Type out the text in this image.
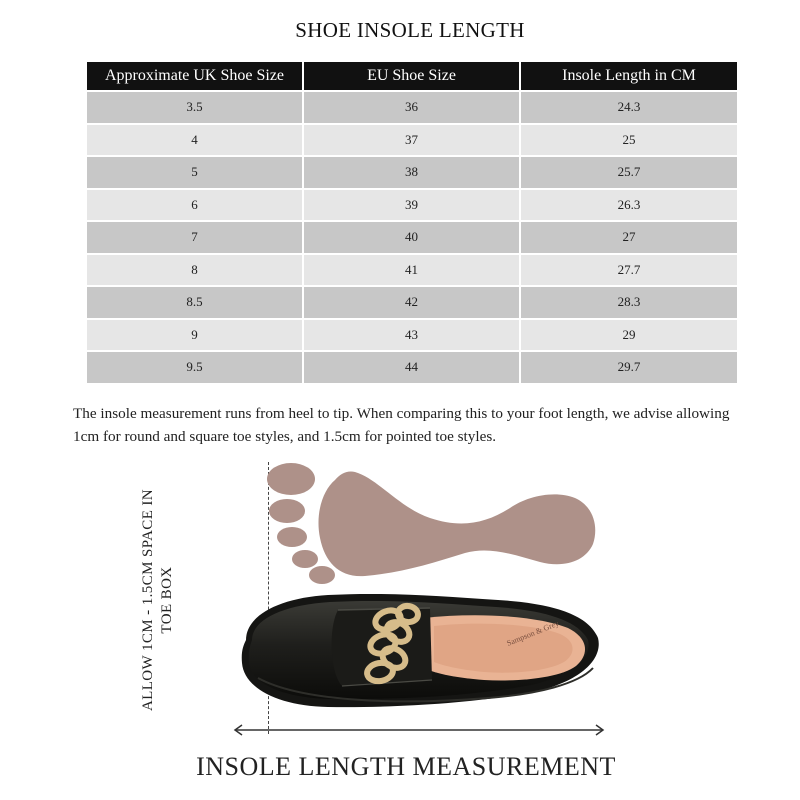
SHOE INSOLE LENGTH
Approximate UK Shoe Size	EU Shoe Size	Insole Length in CM
3.5	36	24.3
4	37	25
5	38	25.7
6	39	26.3
7	40	27
8	41	27.7
8.5	42	28.3
9	43	29
9.5	44	29.7
The insole measurement runs from heel to tip. When comparing this to your foot length, we advise allowing 1cm for round and square toe styles, and 1.5cm for pointed toe styles.
ALLOW 1CM - 1.5CM SPACE IN TOE BOX	Sampson & Grey
INSOLE LENGTH MEASUREMENT
